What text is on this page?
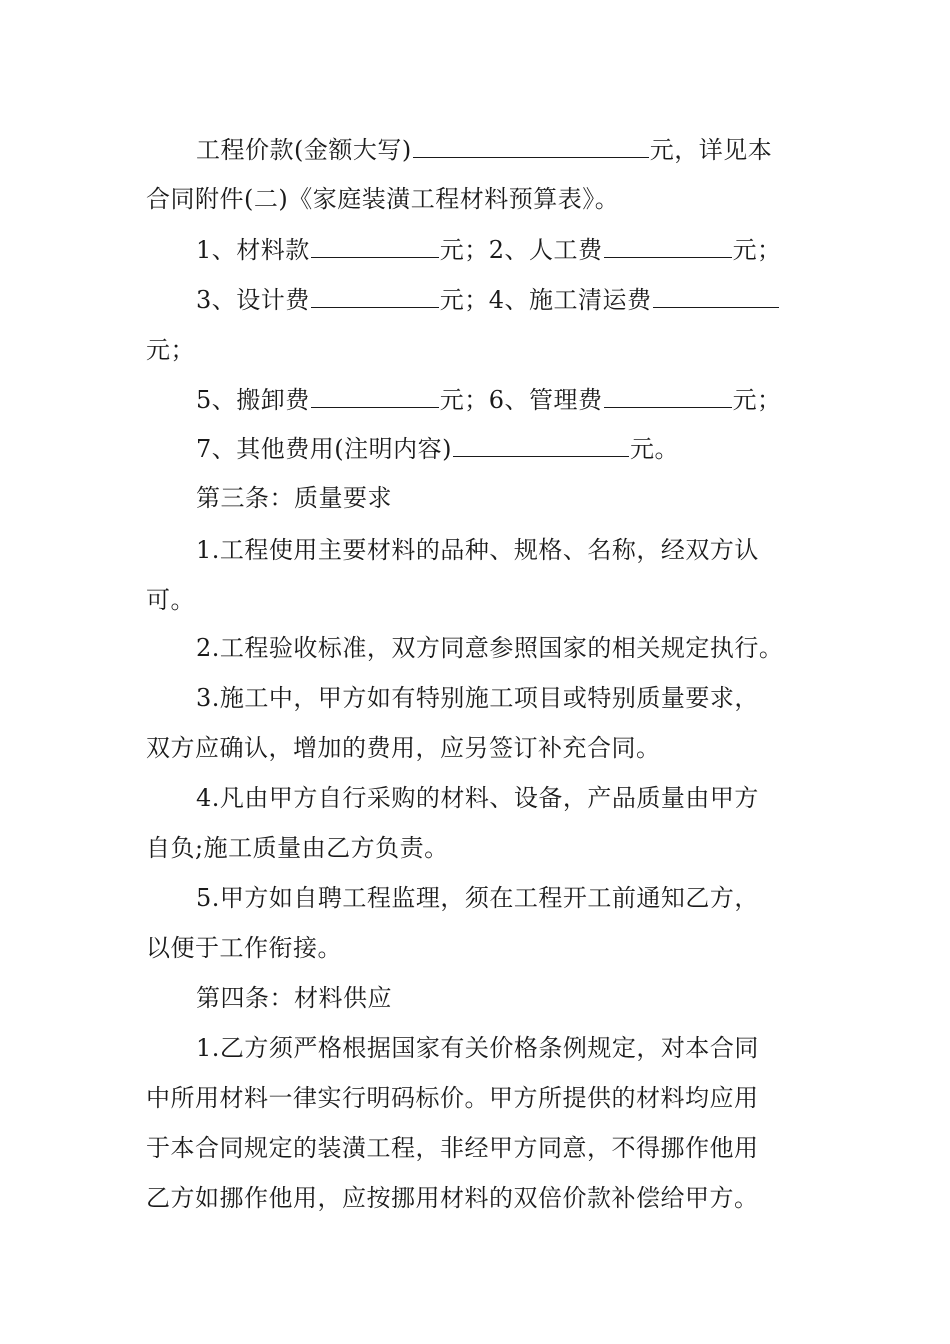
工程价款(金额大写)	元，详见本
合同附件(二)《家庭装潢工程材料预算表》。
1、材料款	元；2、人工费	元；
3、设计费	元；4、施工清运费
元；
5、搬卸费	元；6、管理费	元；
7、其他费用(注明内容)	元。
第三条：质量要求
1.工程使用主要材料的品种、规格、名称，经双方认
可。
2.工程验收标准，双方同意参照国家的相关规定执行。
3.施工中，甲方如有特别施工项目或特别质量要求，
双方应确认，增加的费用，应另签订补充合同。
4.凡由甲方自行采购的材料、设备，产品质量由甲方
自负;施工质量由乙方负责。
5.甲方如自聘工程监理，须在工程开工前通知乙方，
以便于工作衔接。
第四条：材料供应
1.乙方须严格根据国家有关价格条例规定，对本合同
中所用材料一律实行明码标价。甲方所提供的材料均应用
于本合同规定的装潢工程，非经甲方同意，不得挪作他用
乙方如挪作他用，应按挪用材料的双倍价款补偿给甲方。
